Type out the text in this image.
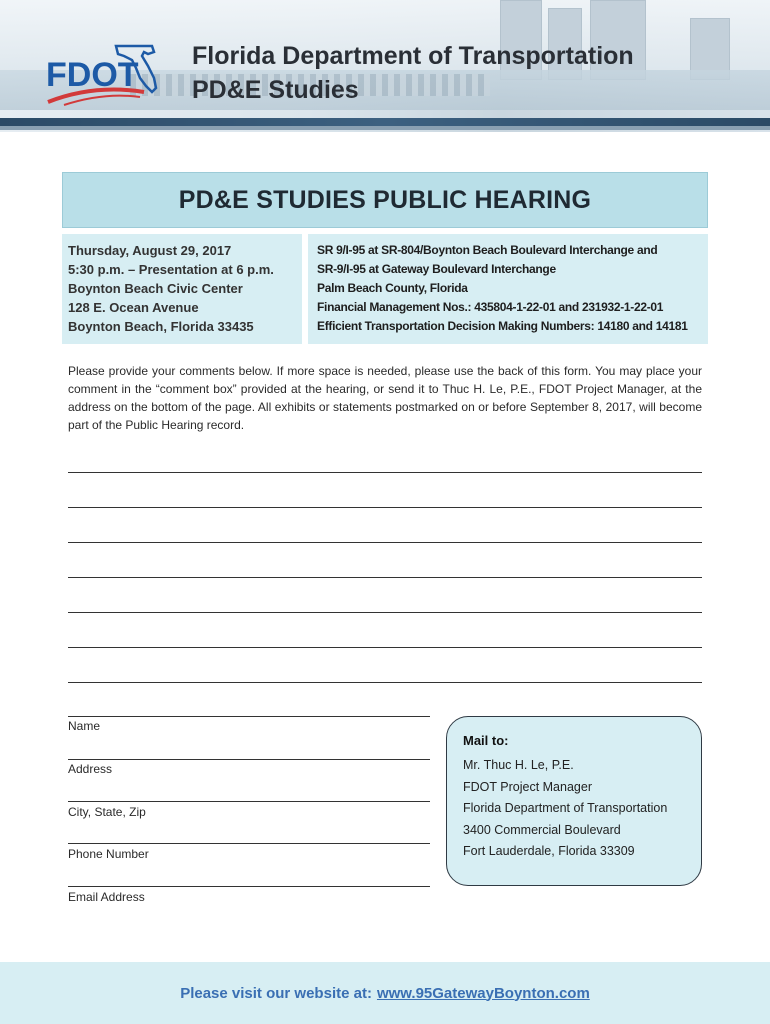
FDOT Florida Department of Transportation
PD&E Studies
PD&E STUDIES PUBLIC HEARING
Thursday, August 29, 2017
5:30 p.m. – Presentation at 6 p.m.
Boynton Beach Civic Center
128 E. Ocean Avenue
Boynton Beach, Florida 33435
SR 9/I-95 at SR-804/Boynton Beach Boulevard Interchange and
SR-9/I-95 at Gateway Boulevard Interchange
Palm Beach County, Florida
Financial Management Nos.: 435804-1-22-01 and 231932-1-22-01
Efficient Transportation Decision Making Numbers: 14180 and 14181
Please provide your comments below. If more space is needed, please use the back of this form. You may place your comment in the “comment box” provided at the hearing, or send it to Thuc H. Le, P.E., FDOT Project Manager, at the address on the bottom of the page. All exhibits or statements postmarked on or before September 8, 2017, will become part of the Public Hearing record.
Name
Address
City, State, Zip
Phone Number
Email Address
Mail to:
Mr. Thuc H. Le, P.E.
FDOT Project Manager
Florida Department of Transportation
3400 Commercial Boulevard
Fort Lauderdale, Florida 33309
Please visit our website at: www.95GatewayBoynton.com
